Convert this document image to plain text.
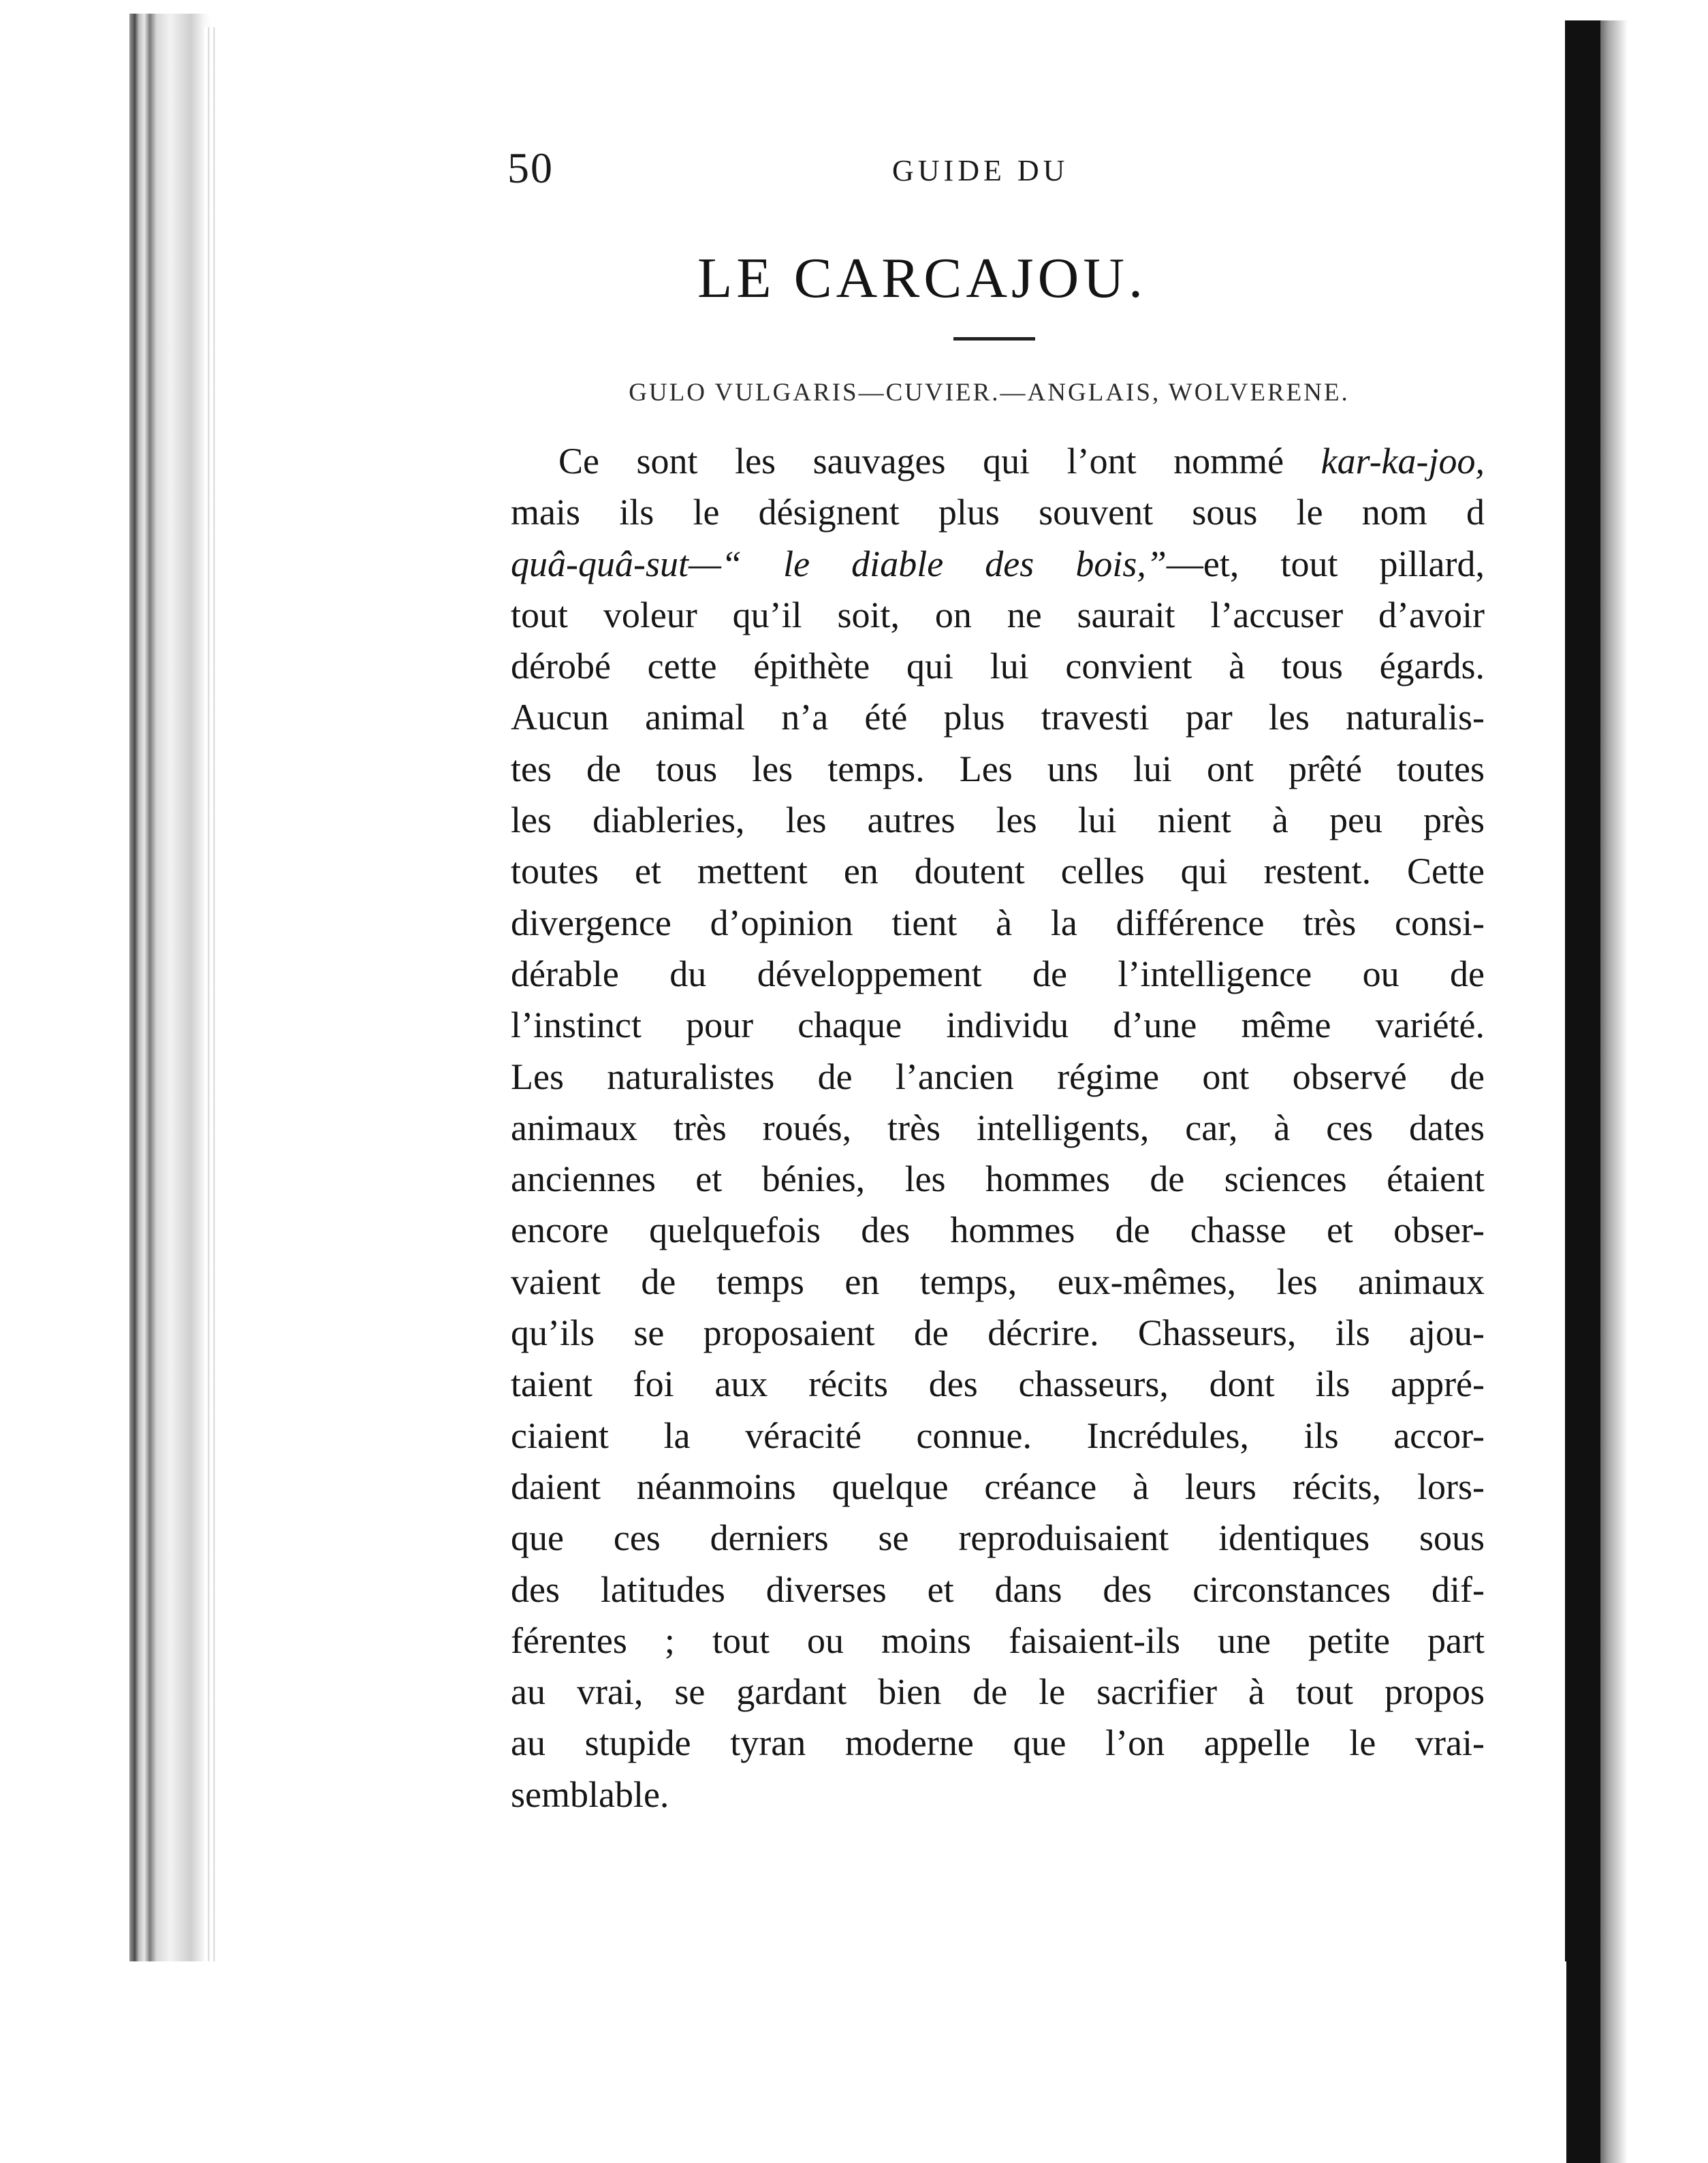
50	GUIDE DU
LE CARCAJOU.
GULO VULGARIS—CUVIER.—ANGLAIS, WOLVERENE.
Ce sont les sauvages qui l’ont nommé kar-ka-joo,
mais ils le désignent plus souvent sous le nom d
quâ-quâ-sut—“ le diable des bois,”—et, tout pillard,
tout voleur qu’il soit, on ne saurait l’accuser d’avoir
dérobé cette épithète qui lui convient à tous égards.
Aucun animal n’a été plus travesti par les naturalis-
tes de tous les temps. Les uns lui ont prêté toutes
les diableries, les autres les lui nient à peu près
toutes et mettent en doutent celles qui restent. Cette
divergence d’opinion tient à la différence très consi-
dérable du développement de l’intelligence ou de
l’instinct pour chaque individu d’une même variété.
Les naturalistes de l’ancien régime ont observé de
animaux très roués, très intelligents, car, à ces dates
anciennes et bénies, les hommes de sciences étaient
encore quelquefois des hommes de chasse et obser-
vaient de temps en temps, eux-mêmes, les animaux
qu’ils se proposaient de décrire. Chasseurs, ils ajou-
taient foi aux récits des chasseurs, dont ils appré-
ciaient la véracité connue. Incrédules, ils accor-
daient néanmoins quelque créance à leurs récits, lors-
que ces derniers se reproduisaient identiques sous
des latitudes diverses et dans des circonstances dif-
férentes ; tout ou moins faisaient-ils une petite part
au vrai, se gardant bien de le sacrifier à tout propos
au stupide tyran moderne que l’on appelle le vrai-
semblable.
